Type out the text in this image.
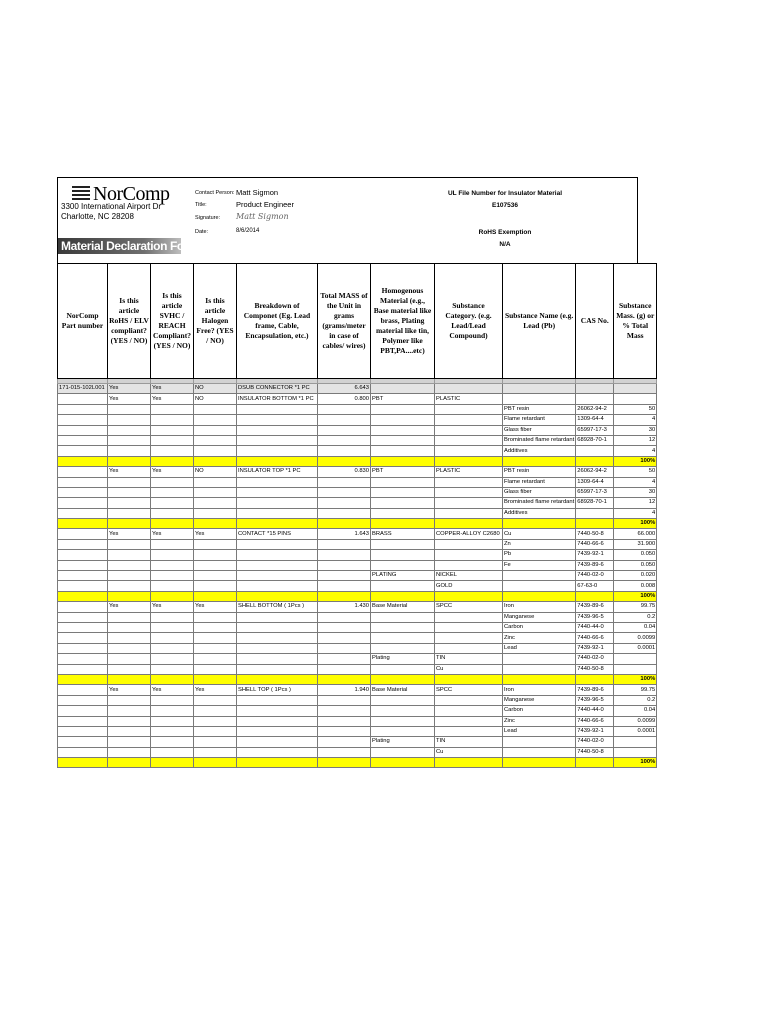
NorComp
3300 International Airport Dr
Charlotte, NC 28208
Contact Person: Matt Sigmon
Title:	Product Engineer
Signature: Matt Sigmon
Date:	8/6/2014
UL File Number for Insulator Material
E107536
RoHS Exemption
N/A
Material Declaration Form
NorComp Part number	Is this article RoHS / ELV compliant? (YES / NO)	Is this article SVHC / REACH Compliant? (YES / NO)	Is this article Halogen Free? (YES / NO)	Breakdown of Componet (Eg. Lead frame, Cable, Encapsulation, etc.)	Total MASS of the Unit in grams (grams/meter in case of cables/ wires)	Homogenous Material (e.g., Base material like brass, Plating material like tin, Polymer like PBT,PA....etc)	Substance Category. (e.g. Lead/Lead Compound)	Substance Name (e.g. Lead (Pb)	CAS No.	Substance Mass. (g) or % Total Mass

171-015-102L001	Yes	Yes	NO	DSUB CONNECTOR *1 PC	6.643					
	Yes	Yes	NO	INSULATOR BOTTOM *1 PC	0.800	PBT	PLASTIC			
								PBT resin	26062-94-2	50
								Flame retardant	1309-64-4	4
								Glass fiber	65997-17-3	30
								Brominated flame retardant	68928-70-1	12
								Additives		4
										100%
	Yes	Yes	NO	INSULATOR TOP *1 PC	0.830	PBT	PLASTIC	PBT resin	26062-94-2	50
								Flame retardant	1309-64-4	4
								Glass fiber	65997-17-3	30
								Brominated flame retardant	68928-70-1	12
								Additives		4
										100%
	Yes	Yes	Yes	CONTACT *15 PINS	1.643	BRASS	COPPER-ALLOY C2680	Cu	7440-50-8	66.000
								Zn	7440-66-6	31.900
								Pb	7439-92-1	0.050
								Fe	7439-89-6	0.050
						PLATING	NICKEL		7440-02-0	0.020
							GOLD		67-63-0	0.008
										100%
	Yes	Yes	Yes	SHELL BOTTOM ( 1Pcs )	1.430	Base Material	SPCC	Iron	7439-89-6	99.75
								Manganese	7439-96-5	0.2
								Carbon	7440-44-0	0.04
								Zinc	7440-66-6	0.0099
								Lead	7439-92-1	0.0001
						Plating	TIN		7440-02-0	
							Cu		7440-50-8	
										100%
	Yes	Yes	Yes	SHELL TOP ( 1Pcs )	1.940	Base Material	SPCC	Iron	7439-89-6	99.75
								Manganese	7439-96-5	0.2
								Carbon	7440-44-0	0.04
								Zinc	7440-66-6	0.0099
								Lead	7439-92-1	0.0001
						Plating	TIN		7440-02-0	
							Cu		7440-50-8	
										100%
